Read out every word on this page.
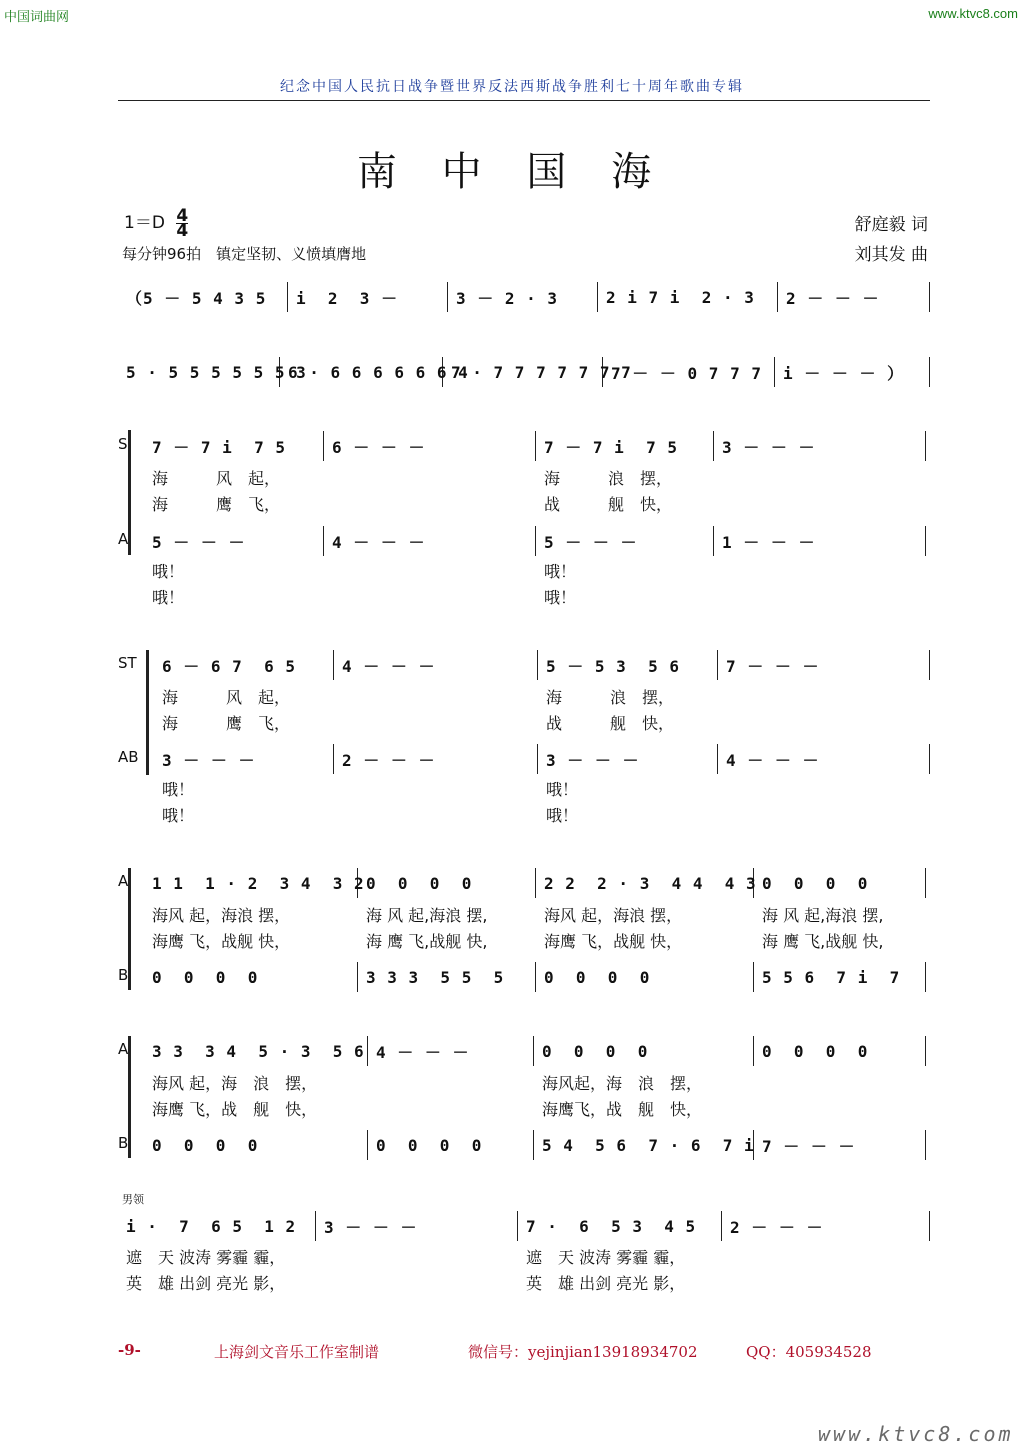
中国词曲网	www.ktvc8.com
纪念中国人民抗日战争暨世界反法西斯战争胜利七十周年歌曲专辑
南 中 国 海
$1=D \frac{4}{4}$
每分钟96拍　镇定坚韧、义愤填膺地
舒庭毅 词
刘其发 曲
（5 － 5 4 3 5	i  2  3 －	3 － 2 · 3	2 i 7 i  2 · 3	2 － － －
5 · 5 5 5 5 5 5 3
6 · 6 6 6 6 6 6 4
7 · 7 7 7 7 7 7 7
7 － － 0 7 7 7	i － － － ）
S	7 － 7 i  7 5	6 － － －	7 － 7 i  7 5	3 － － －
海　　　风　起，	海　　　浪　摆，
海　　　鹰　飞，	战　　　舰　快，
A	5 － － －	4 － － －	5 － － －	1 － － －
哦！	哦！
哦！	哦！
ST	6 － 6 7  6 5	4 － － －	5 － 5 3  5 6	7 － － －
海　　　风　起，	海　　　浪　摆，
海　　　鹰　飞，	战　　　舰　快，
AB	3 － － －	2 － － －	3 － － －	4 － － －
哦！	哦！
哦！	哦！
A	1 1  1 · 2  3 4  3 2 0  0  0  0	2 2  2 · 3  4 4  4 3 0  0  0  0
海风 起，海浪 摆，	海 风 起,海浪 摆,	海风 起，海浪 摆，	海 风 起,海浪 摆,
海鹰 飞，战舰 快，	海 鹰 飞,战舰 快,	海鹰 飞，战舰 快，	海 鹰 飞,战舰 快,
B	0  0  0  0	3 3 3  5 5  5	0  0  0  0	5 5 6  7 i  7
A	3 3  3 4  5 · 3  5 6 4 － － －	0  0  0  0	0  0  0  0
海风 起，海　浪　摆，	海风起，海　浪　摆，
海鹰 飞，战　舰　快，	海鹰飞，战　舰　快，
B	0  0  0  0	0  0  0  0	5 4  5 6  7 · 6  7 i 7 － － －
男领
i ·  7  6 5  1 2	3 － － －	7 ·  6  5 3  4 5	2 － － －
遮　天 波涛 雾霾 霾，	遮　天 波涛 雾霾 霾，
英　雄 出剑 亮光 影，	英　雄 出剑 亮光 影，
-9-	上海剑文音乐工作室制谱	微信号：yejinjian13918934702	QQ：405934528
www.ktvc8.com
